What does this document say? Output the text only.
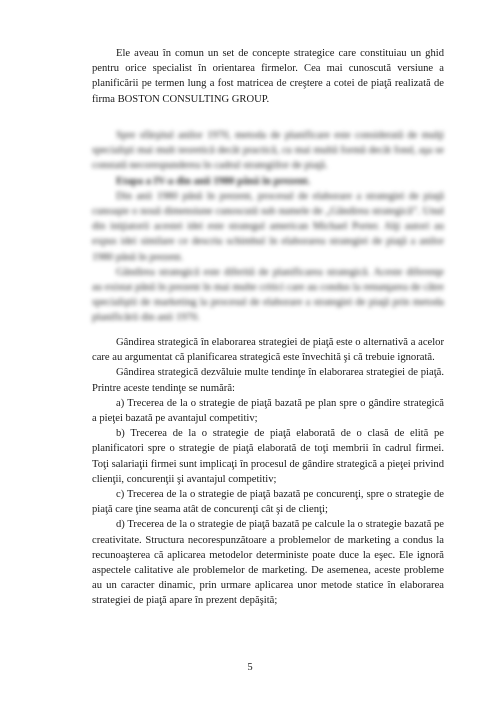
Ele aveau în comun un set de concepte strategice care constituiau un ghid pentru orice specialist în orientarea firmelor. Cea mai cunoscută versiune a planificării pe termen lung a fost matricea de creştere a cotei de piaţă realizată de firma BOSTON CONSULTING GROUP.

Spre sfârşitul anilor 1970, metoda de planificare este considerată de mulţi specialişti mai mult teoretică decât practică, cu mai multă formă decât fond, aşa se constată necorespunderea în cadrul strategiilor de piaţă.

Etapa a IV-a din anii 1980 până în prezent.

Din anii 1980 până în prezent, procesul de elaborare a strategiei de piaţă cunoaşte o nouă dimensiune cunoscută sub numele de „Gândirea strategică”. Unul din iniţiatorii acestei idei este strategul american Michael Porter. Alţi autori au expus idei similare ce descriu schimbul în elaborarea strategiei de piaţă a anilor 1980 până în prezent.

Gândirea strategică este diferită de planificarea strategică. Aceste diferenţe au existat până în prezent în mai multe critici care au condus la renunţarea de către specialiştii de marketing la procesul de elaborare a strategiei de piaţă prin metoda planificării din anii 1970.

Gândirea strategică în elaborarea strategiei de piaţă este o alternativă a acelor care au argumentat că planificarea strategică este învechită şi că trebuie ignorată.

Gândirea strategică dezvăluie multe tendinţe în elaborarea strategiei de piaţă. Printre aceste tendinţe se numără:

a) Trecerea de la o strategie de piaţă bazată pe plan spre o gândire strategică a pieţei bazată pe avantajul competitiv;

b) Trecerea de la o strategie de piaţă elaborată de o clasă de elită pe planificatori spre o strategie de piaţă elaborată de toţi membrii în cadrul firmei. Toţi salariaţii firmei sunt implicaţi în procesul de gândire strategică a pieţei privind clienţii, concurenţii şi avantajul competitiv;

c) Trecerea de la o strategie de piaţă bazată pe concurenţi, spre o strategie de piaţă care ţine seama atât de concurenţi cât şi de clienţi;

d) Trecerea de la o strategie de piaţă bazată pe calcule la o strategie bazată pe creativitate. Structura necorespunzătoare a problemelor de marketing a condus la recunoaşterea că aplicarea metodelor deterministe poate duce la eşec. Ele ignoră aspectele calitative ale problemelor de marketing. De asemenea, aceste probleme au un caracter dinamic, prin urmare aplicarea unor metode statice în elaborarea strategiei de piaţă apare în prezent depăşită;

5
